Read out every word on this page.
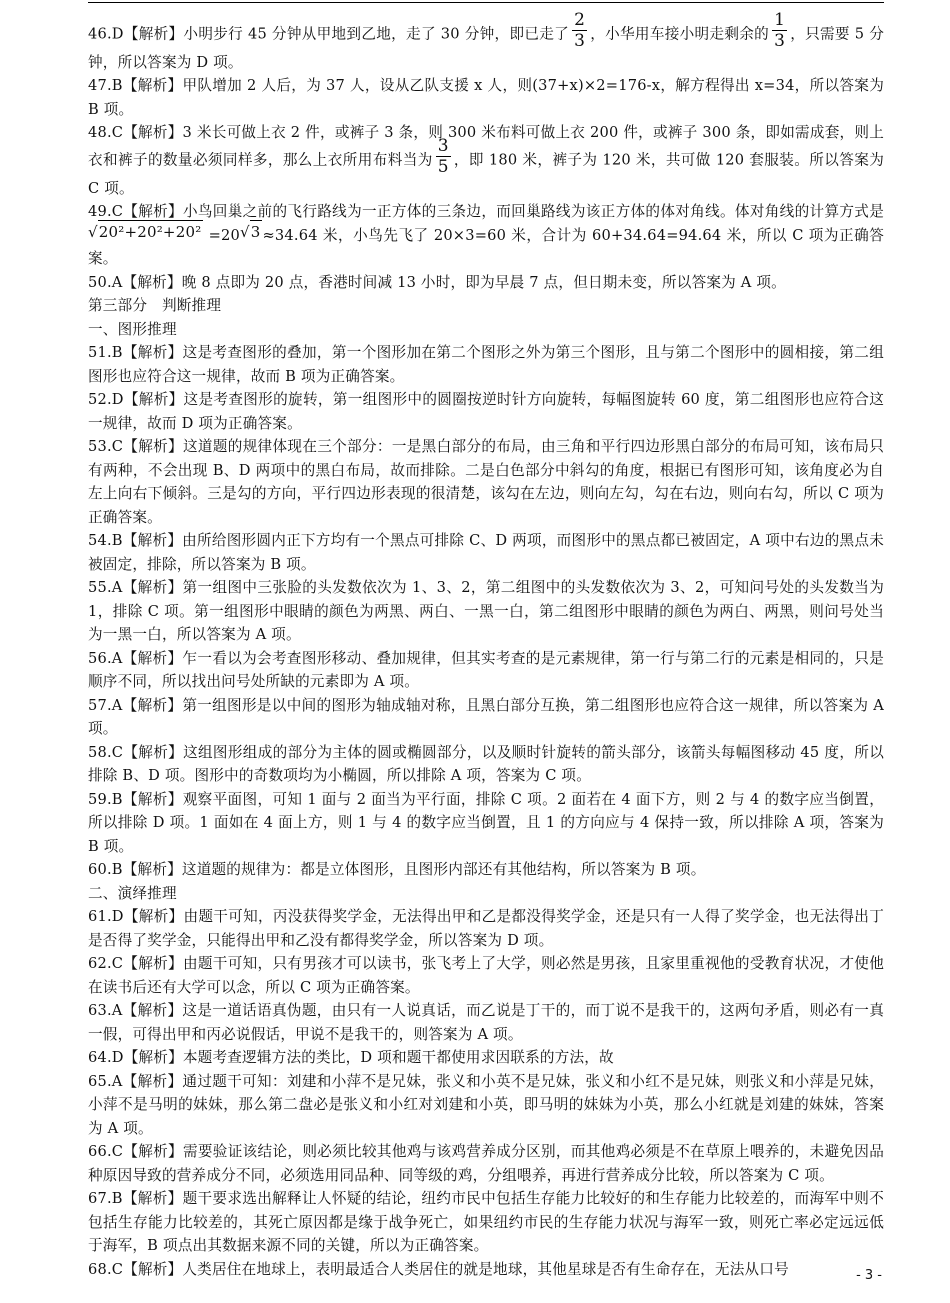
46.D【解析】小明步行 45 分钟从甲地到乙地，走了 30 分钟，即已走了 $\frac{2}{3}$ ，小华用车接小明走剩余的 $\frac{1}{3}$ ，只需要 5 分钟，所以答案为 D 项。

47.B【解析】甲队增加 2 人后，为 37 人，设从乙队支援 x 人，则(37+x)×2=176-x，解方程得出 x=34，所以答案为 B 项。

48.C【解析】3 米长可做上衣 2 件，或裤子 3 条，则 300 米布料可做上衣 200 件，或裤子 300 条，即如需成套，则上衣和裤子的数量必须同样多，那么上衣所用布料当为 $\frac{3}{5}$ ，即 180 米，裤子为 120 米，共可做 120 套服装。所以答案为 C 项。

49.C【解析】小鸟回巢之前的飞行路线为一正方体的三条边，而回巢路线为该正方体的体对角线。体对角线的计算方式是√20²+20²+20² =20√3 ≈34.64 米，小鸟先飞了 20×3=60 米，合计为 60+34.64=94.64 米，所以 C 项为正确答案。

50.A【解析】晚 8 点即为 20 点，香港时间减 13 小时，即为早晨 7 点，但日期未变，所以答案为 A 项。

第三部分　判断推理

一、图形推理

51.B【解析】这是考查图形的叠加，第一个图形加在第二个图形之外为第三个图形，且与第二个图形中的圆相接，第二组图形也应符合这一规律，故而 B 项为正确答案。

52.D【解析】这是考查图形的旋转，第一组图形中的圆圈按逆时针方向旋转，每幅图旋转 60 度，第二组图形也应符合这一规律，故而 D 项为正确答案。

53.C【解析】这道题的规律体现在三个部分：一是黑白部分的布局，由三角和平行四边形黑白部分的布局可知，该布局只有两种，不会出现 B、D 两项中的黑白布局，故而排除。二是白色部分中斜勾的角度，根据已有图形可知，该角度必为自左上向右下倾斜。三是勾的方向，平行四边形表现的很清楚，该勾在左边，则向左勾，勾在右边，则向右勾，所以 C 项为正确答案。

54.B【解析】由所给图形圆内正下方均有一个黑点可排除 C、D 两项，而图形中的黑点都已被固定，A 项中右边的黑点未被固定，排除，所以答案为 B 项。

55.A【解析】第一组图中三张脸的头发数依次为 1、3、2，第二组图中的头发数依次为 3、2，可知问号处的头发数当为 1，排除 C 项。第一组图形中眼睛的颜色为两黑、两白、一黑一白，第二组图形中眼睛的颜色为两白、两黑，则问号处当为一黑一白，所以答案为 A 项。

56.A【解析】乍一看以为会考查图形移动、叠加规律，但其实考查的是元素规律，第一行与第二行的元素是相同的，只是顺序不同，所以找出问号处所缺的元素即为 A 项。

57.A【解析】第一组图形是以中间的图形为轴成轴对称，且黑白部分互换，第二组图形也应符合这一规律，所以答案为 A 项。

58.C【解析】这组图形组成的部分为主体的圆或椭圆部分，以及顺时针旋转的箭头部分，该箭头每幅图移动 45 度，所以排除 B、D 项。图形中的奇数项均为小椭圆，所以排除 A 项，答案为 C 项。

59.B【解析】观察平面图，可知 1 面与 2 面当为平行面，排除 C 项。2 面若在 4 面下方，则 2 与 4 的数字应当倒置，所以排除 D 项。1 面如在 4 面上方，则 1 与 4 的数字应当倒置，且 1 的方向应与 4 保持一致，所以排除 A 项，答案为 B 项。

60.B【解析】这道题的规律为：都是立体图形，且图形内部还有其他结构，所以答案为 B 项。

二、演绎推理

61.D【解析】由题干可知，丙没获得奖学金，无法得出甲和乙是都没得奖学金，还是只有一人得了奖学金，也无法得出丁是否得了奖学金，只能得出甲和乙没有都得奖学金，所以答案为 D 项。

62.C【解析】由题干可知，只有男孩才可以读书，张飞考上了大学，则必然是男孩，且家里重视他的受教育状况，才使他在读书后还有大学可以念，所以 C 项为正确答案。

63.A【解析】这是一道话语真伪题，由只有一人说真话，而乙说是丁干的，而丁说不是我干的，这两句矛盾，则必有一真一假，可得出甲和丙必说假话，甲说不是我干的，则答案为 A 项。

64.D【解析】本题考查逻辑方法的类比，D 项和题干都使用求因联系的方法，故

65.A【解析】通过题干可知：刘建和小萍不是兄妹，张义和小英不是兄妹，张义和小红不是兄妹，则张义和小萍是兄妹，小萍不是马明的妹妹，那么第二盘必是张义和小红对刘建和小英，即马明的妹妹为小英，那么小红就是刘建的妹妹，答案为 A 项。

66.C【解析】需要验证该结论，则必须比较其他鸡与该鸡营养成分区别，而其他鸡必须是不在草原上喂养的，未避免因品种原因导致的营养成分不同，必须选用同品种、同等级的鸡，分组喂养，再进行营养成分比较，所以答案为 C 项。

67.B【解析】题干要求选出解释让人怀疑的结论，纽约市民中包括生存能力比较好的和生存能力比较差的，而海军中则不包括生存能力比较差的，其死亡原因都是缘于战争死亡，如果纽约市民的生存能力状况与海军一致，则死亡率必定远远低于海军，B 项点出其数据来源不同的关键，所以为正确答案。

68.C【解析】人类居住在地球上，表明最适合人类居住的就是地球，其他星球是否有生命存在，无法从口号	- 3 -
